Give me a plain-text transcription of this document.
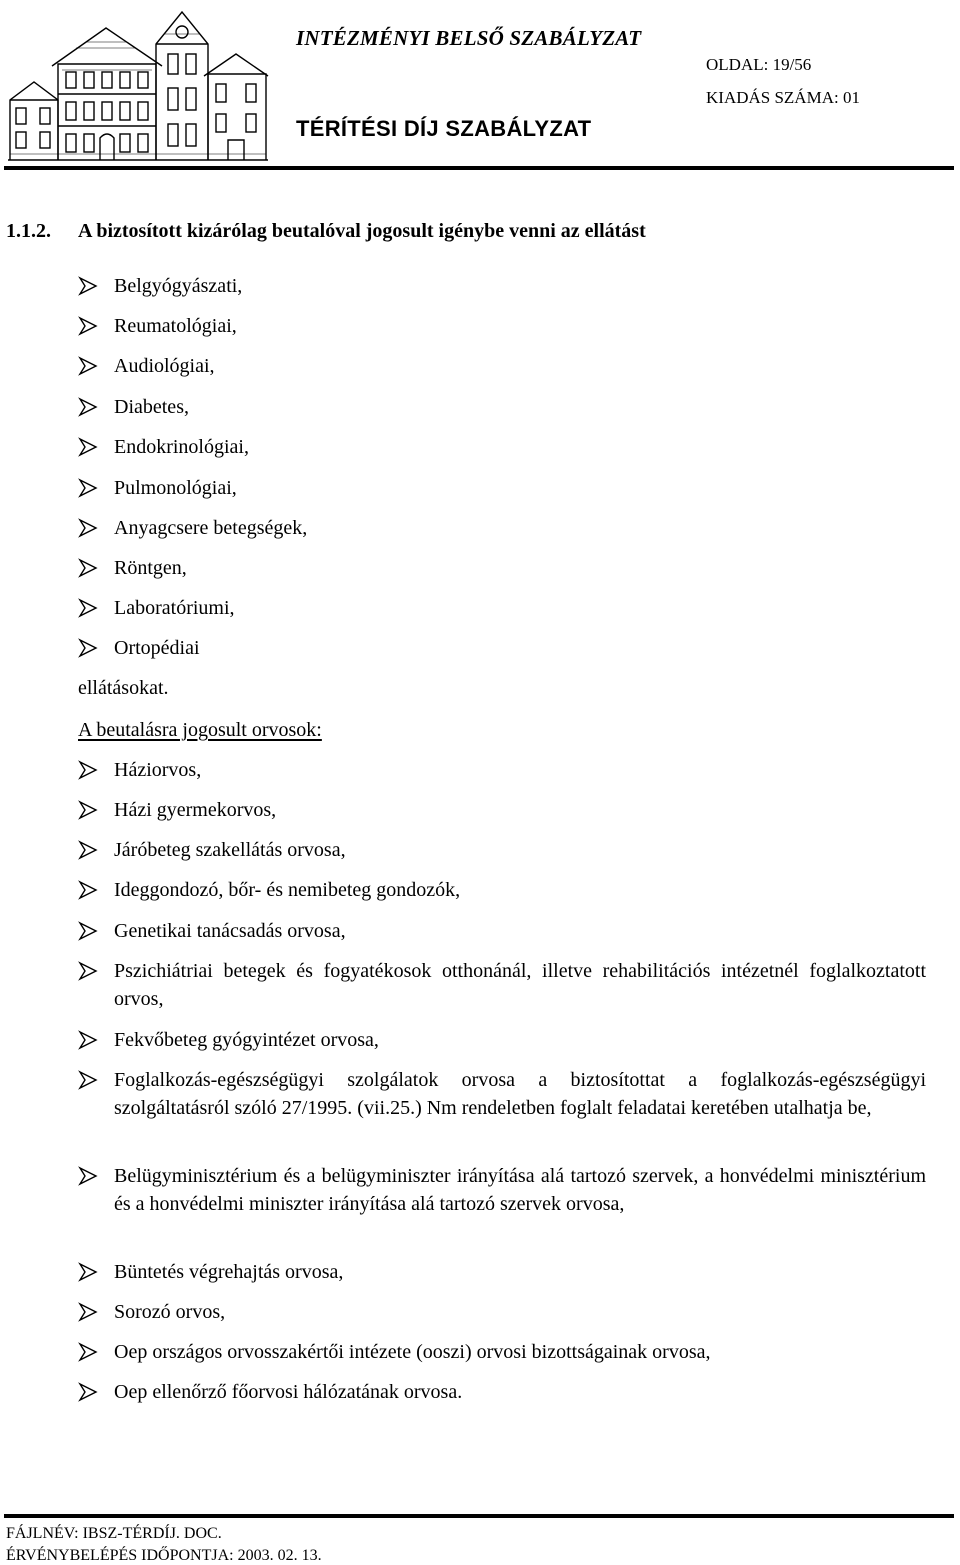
INTÉZMÉNYI BELSŐ SZABÁLYZAT
TÉRÍTÉSI DÍJ SZABÁLYZAT
OLDAL: 19/56
KIADÁS SZÁMA: 01
1.1.2. A biztosított kizárólag beutalóval jogosult igénybe venni az ellátást
Belgyógyászati,
Reumatológiai,
Audiológiai,
Diabetes,
Endokrinológiai,
Pulmonológiai,
Anyagcsere betegségek,
Röntgen,
Laboratóriumi,
Ortopédiai
ellátásokat.
A beutalásra jogosult orvosok:
Háziorvos,
Házi gyermekorvos,
Járóbeteg szakellátás orvosa,
Ideggondozó, bőr- és nemibeteg gondozók,
Genetikai tanácsadás orvosa,
Pszichiátriai betegek és fogyatékosok otthonánál, illetve rehabilitációs intézetnél foglalkoztatott orvos,
Fekvőbeteg gyógyintézet orvosa,
Foglalkozás-egészségügyi szolgálatok orvosa a biztosítottat a foglalkozás-egészségügyi szolgáltatásról szóló 27/1995. (vii.25.) Nm rendeletben foglalt feladatai keretében utalhatja be,
Belügyminisztérium és a belügyminiszter irányítása alá tartozó szervek, a honvédelmi minisztérium és a honvédelmi miniszter irányítása alá tartozó szervek orvosa,
Büntetés végrehajtás orvosa,
Sorozó orvos,
Oep országos orvosszakértői intézete (ooszi) orvosi bizottságainak orvosa,
Oep ellenőrző főorvosi hálózatának orvosa.
FÁJLNÉV: IBSZ-TÉRDÍJ. DOC.
ÉRVÉNYBELÉPÉS IDŐPONTJA: 2003. 02. 13.
